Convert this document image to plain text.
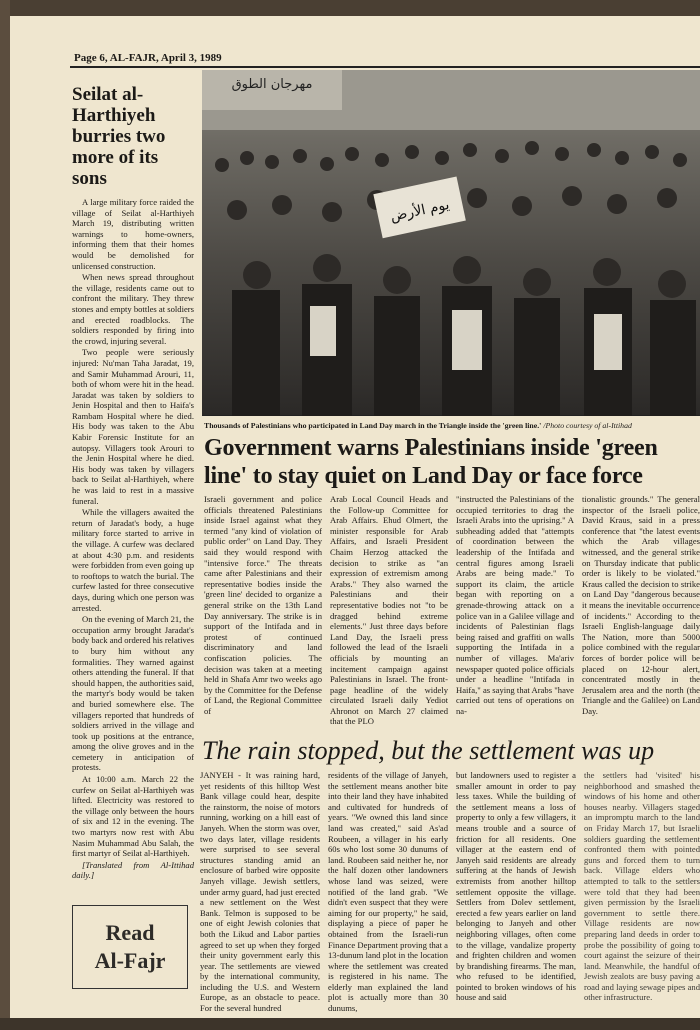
Page 6, AL-FAJR, April 3, 1989
Seilat al-Harthiyeh burries two more of its sons

A large military force raided the village of Seilat al-Harthiyeh March 19, distributing written warnings to home-owners, informing them that their homes would be demolished for unlicensed construction.

When news spread throughout the village, residents came out to confront the military. They threw stones and empty bottles at soldiers and erected roadblocks. The soldiers responded by firing into the crowd, injuring several.

Two people were seriously injured: Nu'man Taha Jaradat, 19, and Samir Muhammad Arouri, 11, both of whom were hit in the head. Jaradat was taken by soldiers to Jenin Hospital and then to Haifa's Rambam Hospital where he died. His body was taken to the Abu Kabir Forensic Institute for an autopsy. Villagers took Arouri to the Jenin Hospital where he died. His body was taken by villagers back to Seilat al-Harthiyeh, where he was laid to rest in a massive funeral.

While the villagers awaited the return of Jaradat's body, a huge military force started to arrive in the village. A curfew was declared at about 4:30 p.m. and residents were forbidden from even going up to rooftops to watch the burial. The curfew lasted for three consecutive days, during which one person was arrested.

On the evening of March 21, the occupation army brought Jaradat's body back and ordered his relatives to bury him without any formalities. They warned against others attending the funeral. If that should happen, the authorities said, the martyr's body would be taken and buried somewhere else. The villagers reported that hundreds of soldiers arrived in the village and took up positions at the entrance, among the olive groves and in the cemetery in anticipation of protests.

At 10:00 a.m. March 22 the curfew on Seilat al-Harthiyeh was lifted. Electricity was restored to the village only between the hours of six and 12 in the evening. The two martyrs now rest with Abu Nasim Muhammad Abu Salah, the first martyr of Seilat al-Harthiyeh.

[Translated from Al-Ittihad daily.]

Read
Al-Fajr
مهرجان الطوق
يوم الأرض
Thousands of Palestinians who participated in Land Day march in the Triangle inside the 'green line.' /Photo courtesy of al-Ittihad
Government warns Palestinians inside 'green line' to stay quiet on Land Day or face force
Israeli government and police officials threatened Palestinians inside Israel against what they termed "any kind of violation of public order" on Land Day. They said they would respond with "intensive force." The threats came after Palestinians and their representative bodies inside the 'green line' decided to organize a general strike on the 13th Land Day anniversary. The strike is in support of the Intifada and in protest of continued discriminatory and land confiscation policies. The decision was taken at a meeting held in Shafa Amr two weeks ago by the Committee for the Defense of Land, the Regional Committee of
Arab Local Council Heads and the Follow-up Committee for Arab Affairs. Ehud Olmert, the minister responsible for Arab Affairs, and Israeli President Chaim Herzog attacked the decision to strike as "an expression of extremism among Arabs." They also warned the Palestinians and their representative bodies not "to be dragged behind extreme elements." Just three days before Land Day, the Israeli press followed the lead of the Israeli officials by mounting an incitement campaign against Palestinians in Israel. The front-page headline of the widely circulated Israeli daily Yediot Ahronot on March 27 claimed that the PLO
"instructed the Palestinians of the occupied territories to drag the Israeli Arabs into the uprising." A subheading added that "attempts of coordination between the leadership of the Intifada and central figures among Israeli Arabs are being made." To support its claim, the article began with reporting on a grenade-throwing attack on a police van in a Galilee village and incidents of Palestinian flags being raised and graffiti on walls supporting the Intifada in a number of villages. Ma'ariv newspaper quoted police officials under a headline "Intifada in Haifa," as saying that Arabs "have carried out tens of operations on na-
tionalistic grounds." The general inspector of the Israeli police, David Kraus, said in a press conference that "the latest events which the Arab villages witnessed, and the general strike on Thursday indicate that public order is likely to be violated." Kraus called the decision to strike on Land Day "dangerous because it means the inevitable occurrence of incidents." According to the Israeli English-language daily The Nation, more than 5000 police combined with the regular forces of border police will be placed on 12-hour alert, concentrated mostly in the Jerusalem area and the north (the Triangle and the Galilee) on Land Day.
The rain stopped, but the settlement was up
JANYEH - It was raining hard, yet residents of this hilltop West Bank village could hear, despite the rainstorm, the noise of motors running, working on a hill east of Janyeh. When the storm was over, two days later, village residents were surprised to see several structures standing amid an enclosure of barbed wire opposite Janyeh village. Jewish settlers, under army guard, had just erected a new settlement on the West Bank. Telmon is supposed to be one of eight Jewish colonies that both the Likud and Labor parties agreed to set up when they forged their unity government early this year. The settlements are viewed by the international community, including the U.S. and Western Europe, as an obstacle to peace. For the several hundred
residents of the village of Janyeh, the settlement means another bite into their land they have inhabited and cultivated for hundreds of years. "We owned this land since land was created," said As'ad Roubeen, a villager in his early 60s who lost some 30 dunums of land. Roubeen said neither he, nor the half dozen other landowners whose land was seized, were notified of the land grab. "We didn't even suspect that they were aiming for our property," he said, displaying a piece of paper he obtained from the Israeli-run Finance Department proving that a 13-dunum land plot in the location where the settlement was created is registered in his name. The elderly man explained the land plot is actually more than 30 dunums,
but landowners used to register a smaller amount in order to pay less taxes. While the building of the settlement means a loss of property to only a few villagers, it means trouble and a source of friction for all residents. One villager at the eastern end of Janyeh said residents are already suffering at the hands of Jewish extremists from another hilltop settlement opposite the village. Settlers from Dolev settlement, erected a few years earlier on land belonging to Janyeh and other neighboring villages, often come to the village, vandalize property and frighten children and women by brandishing firearms. The man, who refused to be identified, pointed to broken windows of his house and said
the settlers had 'visited' his neighborhood and smashed the windows of his home and other houses nearby. Villagers staged an impromptu march to the land on Friday March 17, but Israeli soldiers guarding the settlement confronted them with pointed guns and forced them to turn back. Village elders who attempted to talk to the settlers were told that they had been given permission by the Israeli government to settle there. Village residents are now preparing land deeds in order to probe the possibility of going to court against the seizure of their land. Meanwhile, the handful of Jewish zealots are busy paving a road and laying sewage pipes and other infrastructure.
